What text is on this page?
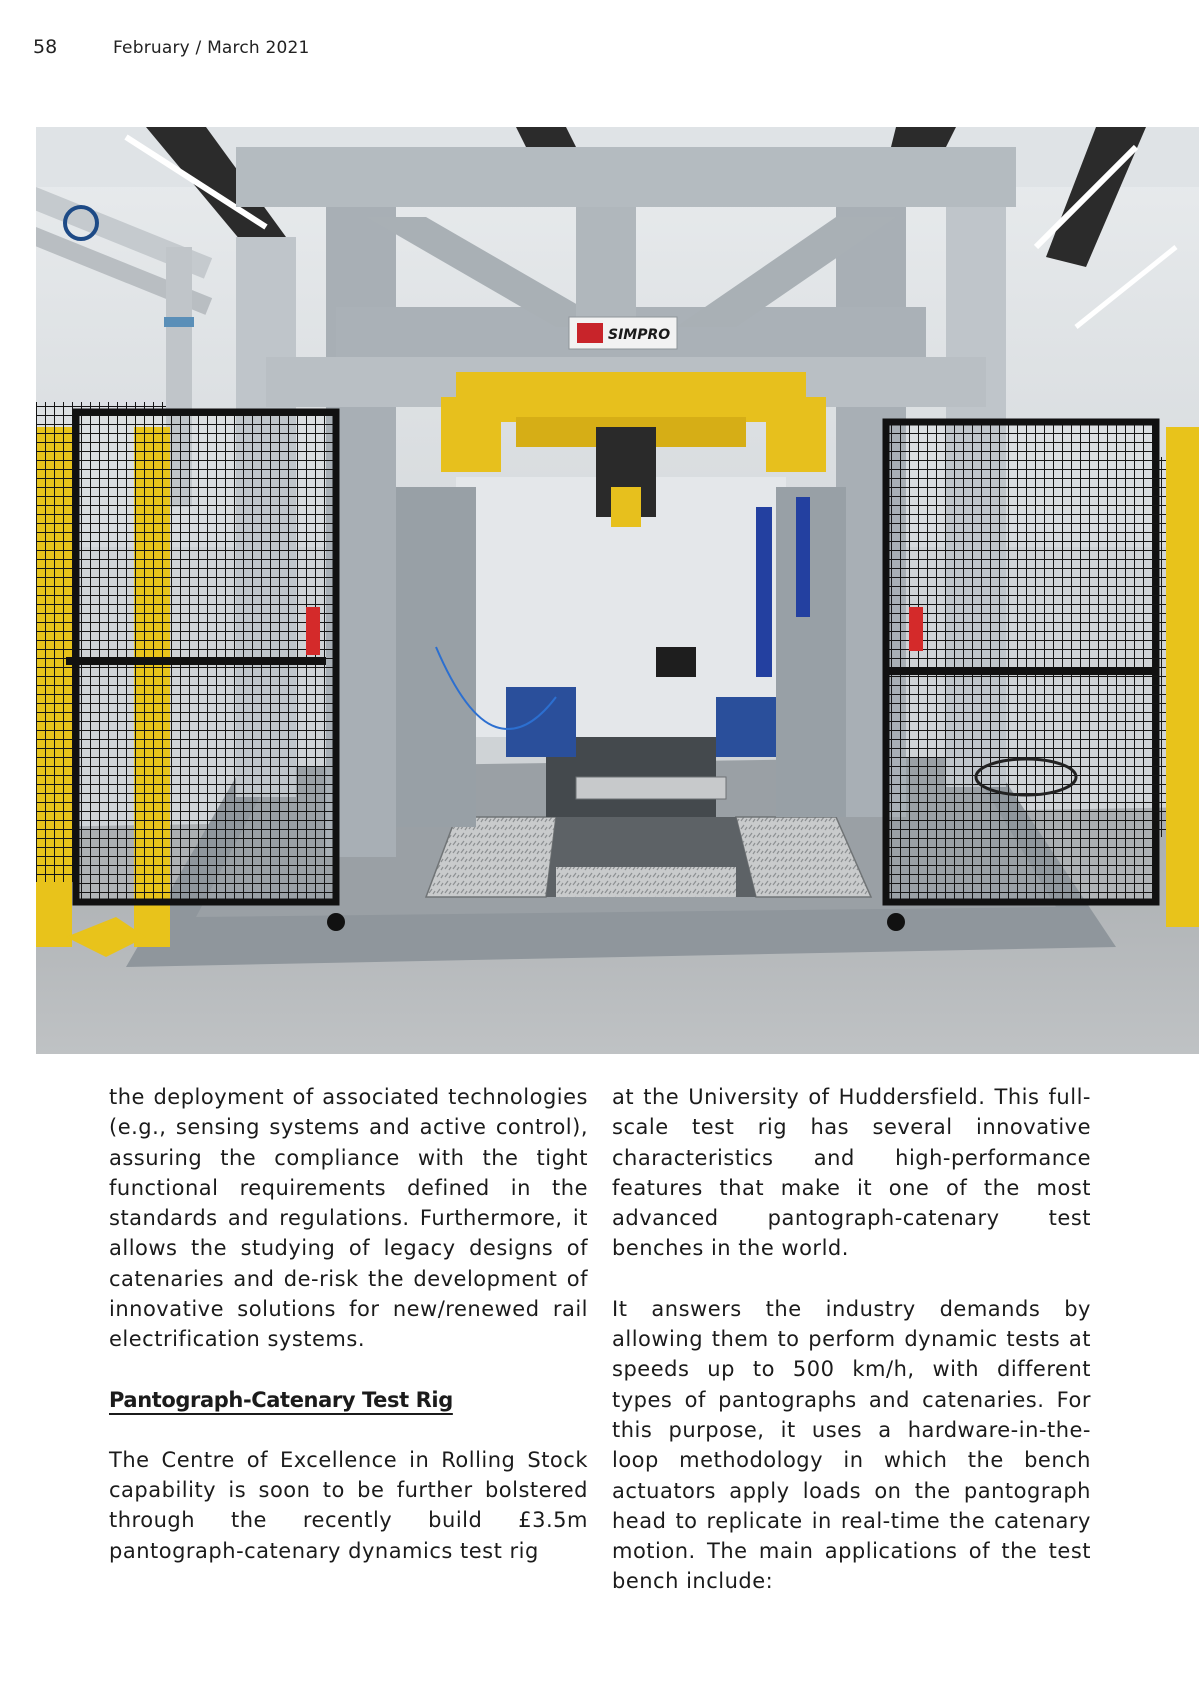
58	February / March 2021
SIMPRO

the deployment of associated technologies (e.g., sensing systems and active control), assuring the compliance with the tight functional requirements defined in the standards and regulations. Furthermore, it allows the studying of legacy designs of catenaries and de-risk the development of innovative solutions for new/renewed rail electrification systems.

Pantograph-Catenary Test Rig

The Centre of Excellence in Rolling Stock capability is soon to be further bolstered through the recently build £3.5m pantograph-catenary dynamics test rig

at the University of Huddersfield. This full-scale test rig has several innovative characteristics and high-performance features that make it one of the most advanced pantograph-catenary test benches in the world.

It answers the industry demands by allowing them to perform dynamic tests at speeds up to 500 km/h, with different types of pantographs and catenaries. For this purpose, it uses a hardware-in-the-loop methodology in which the bench actuators apply loads on the pantograph head to replicate in real-time the catenary motion. The main applications of the test bench include:
